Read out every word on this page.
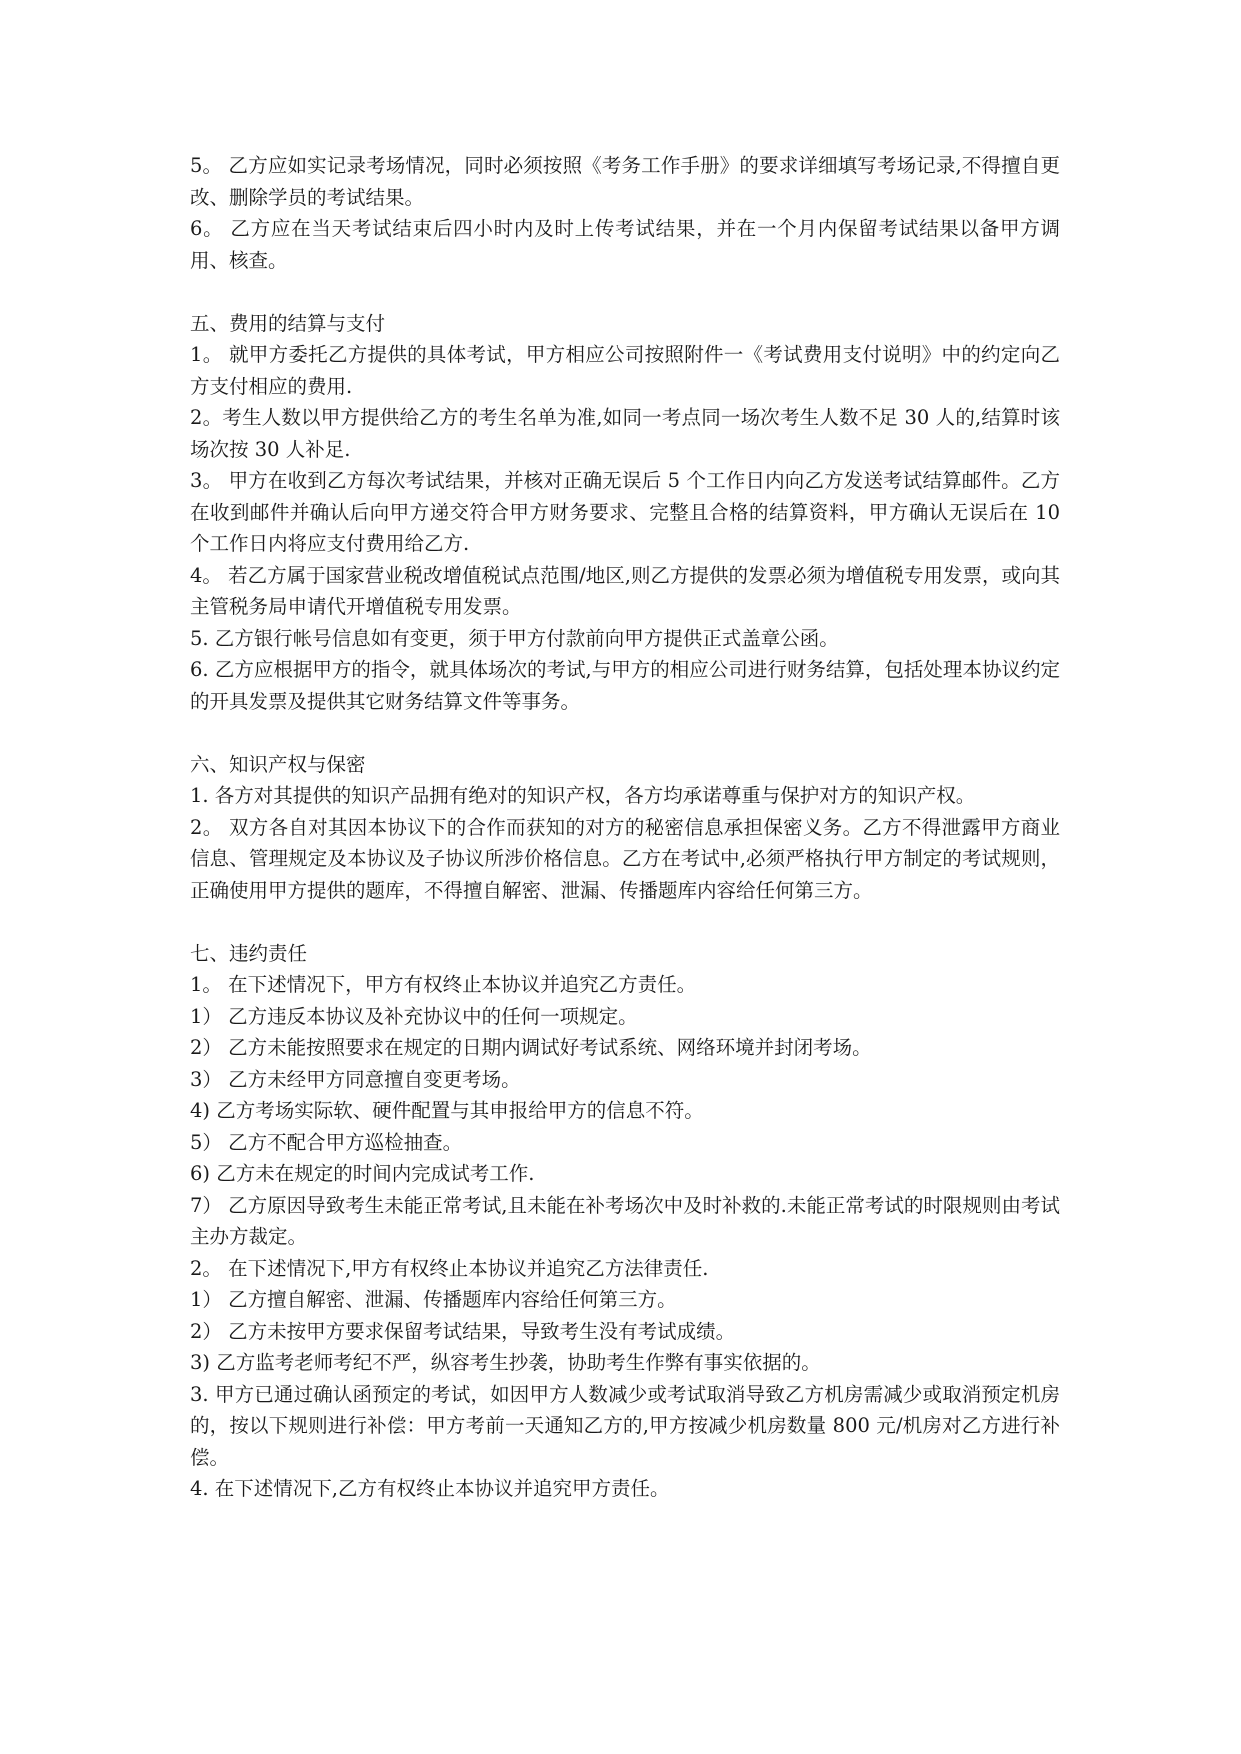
5。 乙方应如实记录考场情况，同时必须按照《考务工作手册》的要求详细填写考场记录,不得擅自更改、删除学员的考试结果。

6。 乙方应在当天考试结束后四小时内及时上传考试结果，并在一个月内保留考试结果以备甲方调用、核查。

五、费用的结算与支付

1。 就甲方委托乙方提供的具体考试，甲方相应公司按照附件一《考试费用支付说明》中的约定向乙方支付相应的费用.

2。考生人数以甲方提供给乙方的考生名单为准,如同一考点同一场次考生人数不足 30 人的,结算时该场次按 30 人补足.

3。 甲方在收到乙方每次考试结果，并核对正确无误后 5 个工作日内向乙方发送考试结算邮件。乙方在收到邮件并确认后向甲方递交符合甲方财务要求、完整且合格的结算资料，甲方确认无误后在 10 个工作日内将应支付费用给乙方.

4。 若乙方属于国家营业税改增值税试点范围/地区,则乙方提供的发票必须为增值税专用发票，或向其主管税务局申请代开增值税专用发票。

5. 乙方银行帐号信息如有变更，须于甲方付款前向甲方提供正式盖章公函。

6. 乙方应根据甲方的指令，就具体场次的考试,与甲方的相应公司进行财务结算，包括处理本协议约定的开具发票及提供其它财务结算文件等事务。

六、知识产权与保密

1. 各方对其提供的知识产品拥有绝对的知识产权，各方均承诺尊重与保护对方的知识产权。

2。 双方各自对其因本协议下的合作而获知的对方的秘密信息承担保密义务。乙方不得泄露甲方商业信息、管理规定及本协议及子协议所涉价格信息。乙方在考试中,必须严格执行甲方制定的考试规则，正确使用甲方提供的题库，不得擅自解密、泄漏、传播题库内容给任何第三方。

七、违约责任

1。 在下述情况下，甲方有权终止本协议并追究乙方责任。

1） 乙方违反本协议及补充协议中的任何一项规定。

2） 乙方未能按照要求在规定的日期内调试好考试系统、网络环境并封闭考场。

3） 乙方未经甲方同意擅自变更考场。

4) 乙方考场实际软、硬件配置与其申报给甲方的信息不符。

5） 乙方不配合甲方巡检抽查。

6) 乙方未在规定的时间内完成试考工作.

7） 乙方原因导致考生未能正常考试,且未能在补考场次中及时补救的.未能正常考试的时限规则由考试主办方裁定。

2。 在下述情况下,甲方有权终止本协议并追究乙方法律责任.

1） 乙方擅自解密、泄漏、传播题库内容给任何第三方。

2） 乙方未按甲方要求保留考试结果，导致考生没有考试成绩。

3) 乙方监考老师考纪不严，纵容考生抄袭，协助考生作弊有事实依据的。

3. 甲方已通过确认函预定的考试，如因甲方人数减少或考试取消导致乙方机房需减少或取消预定机房的，按以下规则进行补偿：甲方考前一天通知乙方的,甲方按减少机房数量 800 元/机房对乙方进行补偿。

4. 在下述情况下,乙方有权终止本协议并追究甲方责任。
